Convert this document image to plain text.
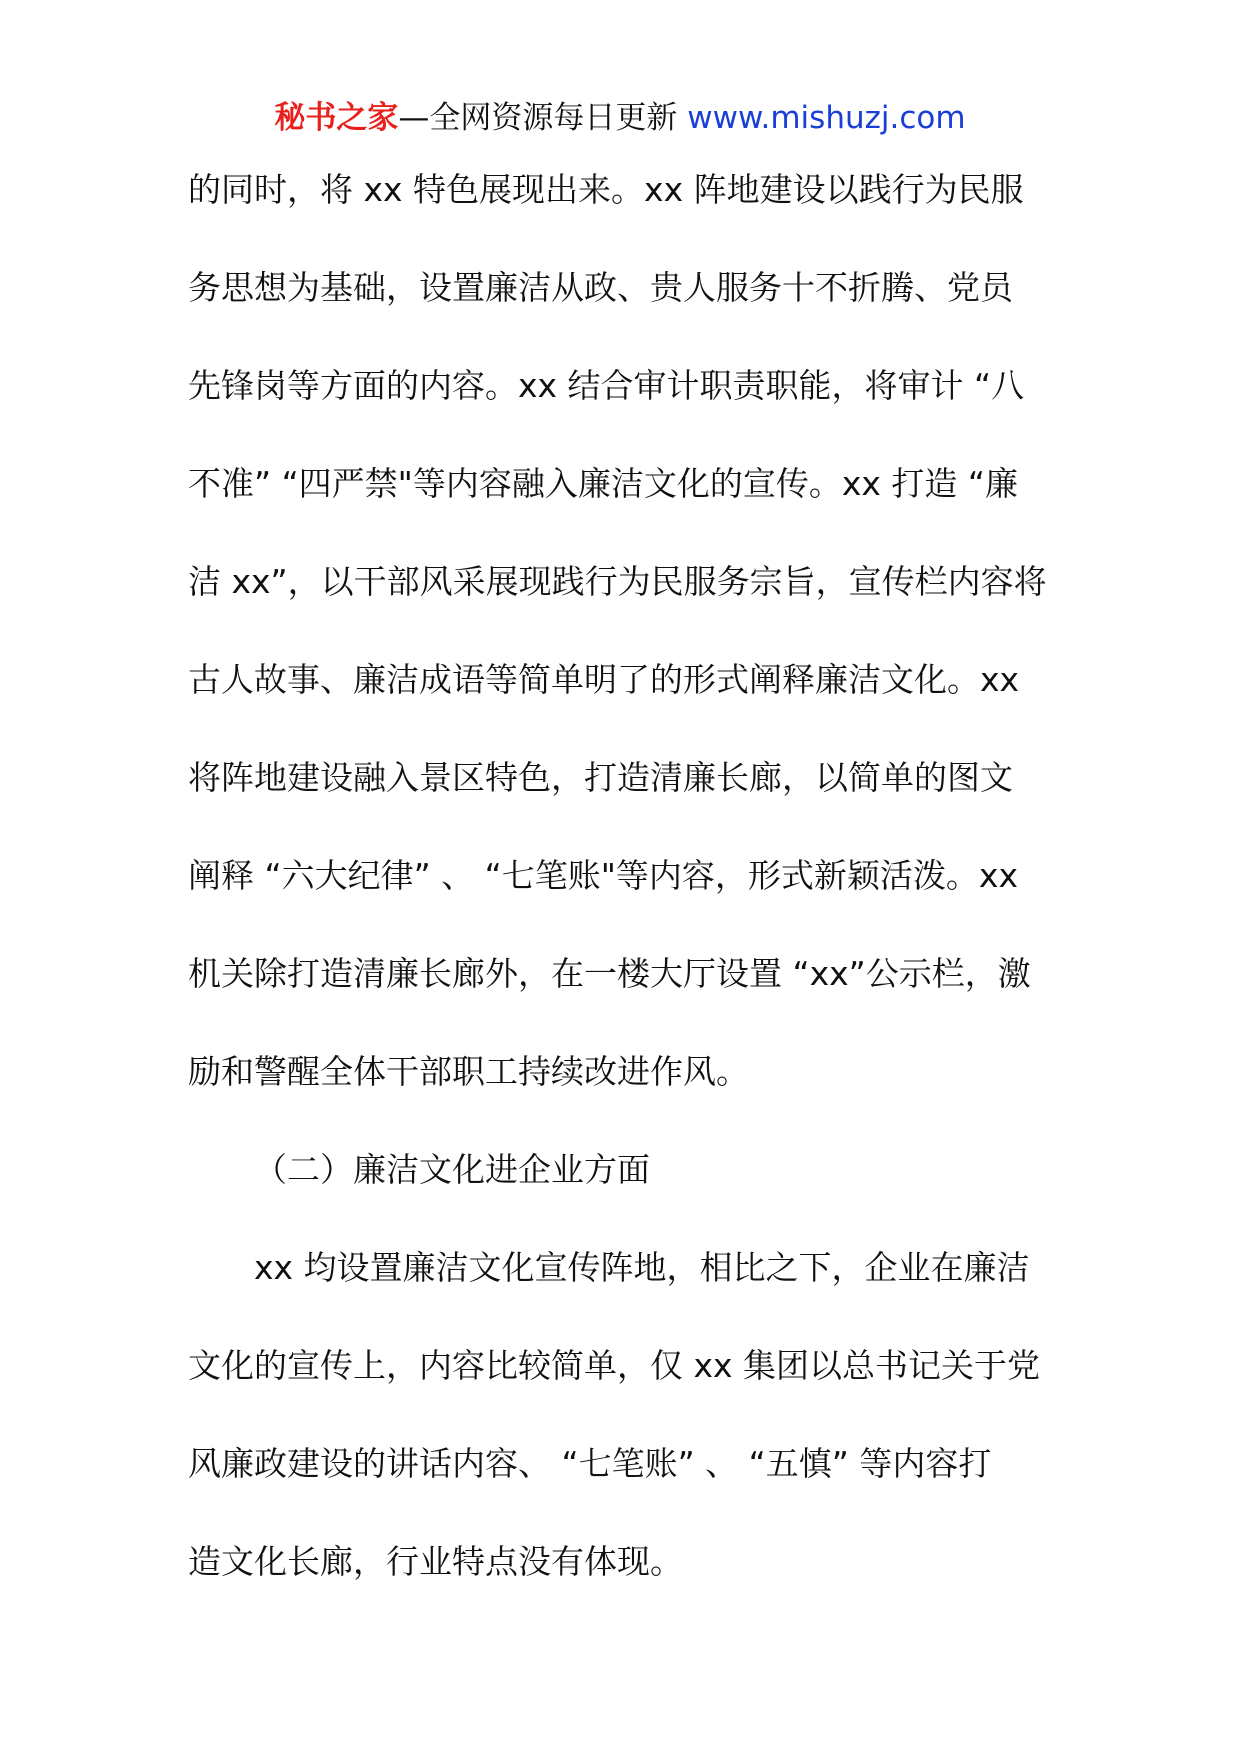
秘书之家—全网资源每日更新 www.mishuzj.com
的同时，将 xx 特色展现出来。xx 阵地建设以践行为民服
务思想为基础，设置廉洁从政、贵人服务十不折腾、党员
先锋岗等方面的内容。xx 结合审计职责职能，将审计 “八
不准” “四严禁"等内容融入廉洁文化的宣传。xx 打造 “廉
洁 xx”，以干部风采展现践行为民服务宗旨，宣传栏内容将
古人故事、廉洁成语等简单明了的形式阐释廉洁文化。xx
将阵地建设融入景区特色，打造清廉长廊，以简单的图文
阐释 “六大纪律” 、 “七笔账"等内容，形式新颖活泼。xx
机关除打造清廉长廊外，在一楼大厅设置 “xx”公示栏，激
励和警醒全体干部职工持续改进作风。
（二）廉洁文化进企业方面
xx 均设置廉洁文化宣传阵地，相比之下，企业在廉洁
文化的宣传上，内容比较简单，仅 xx 集团以总书记关于党
风廉政建设的讲话内容、 “七笔账” 、 “五慎” 等内容打
造文化长廊，行业特点没有体现。
